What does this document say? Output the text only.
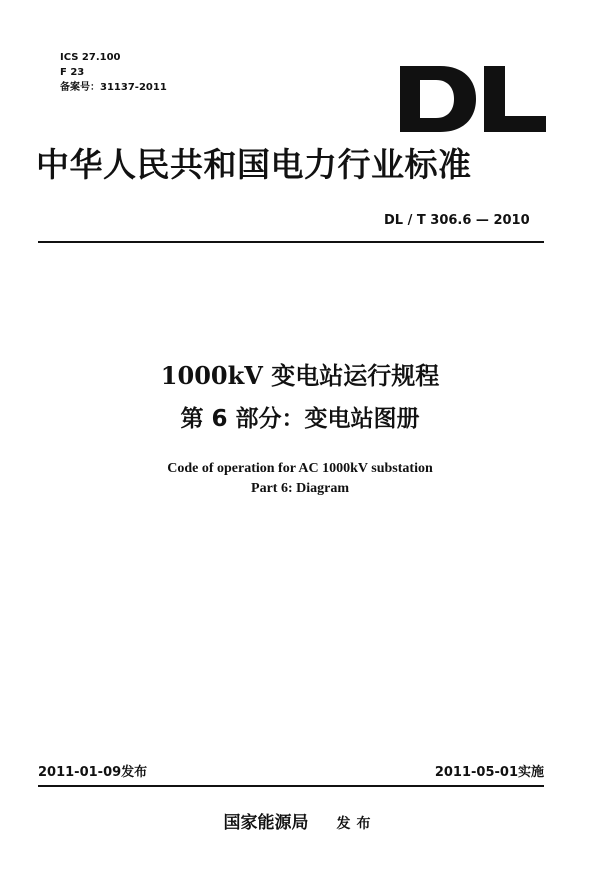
ICS 27.100
F 23
备案号：31137-2011
中华人民共和国电力行业标准
DL / T 306.6 — 2010
1000kV 变电站运行规程
第 6 部分：变电站图册
Code of operation for AC 1000kV substation
Part 6: Diagram
2011-01-09发布	2011-05-01实施
国家能源局 发布
